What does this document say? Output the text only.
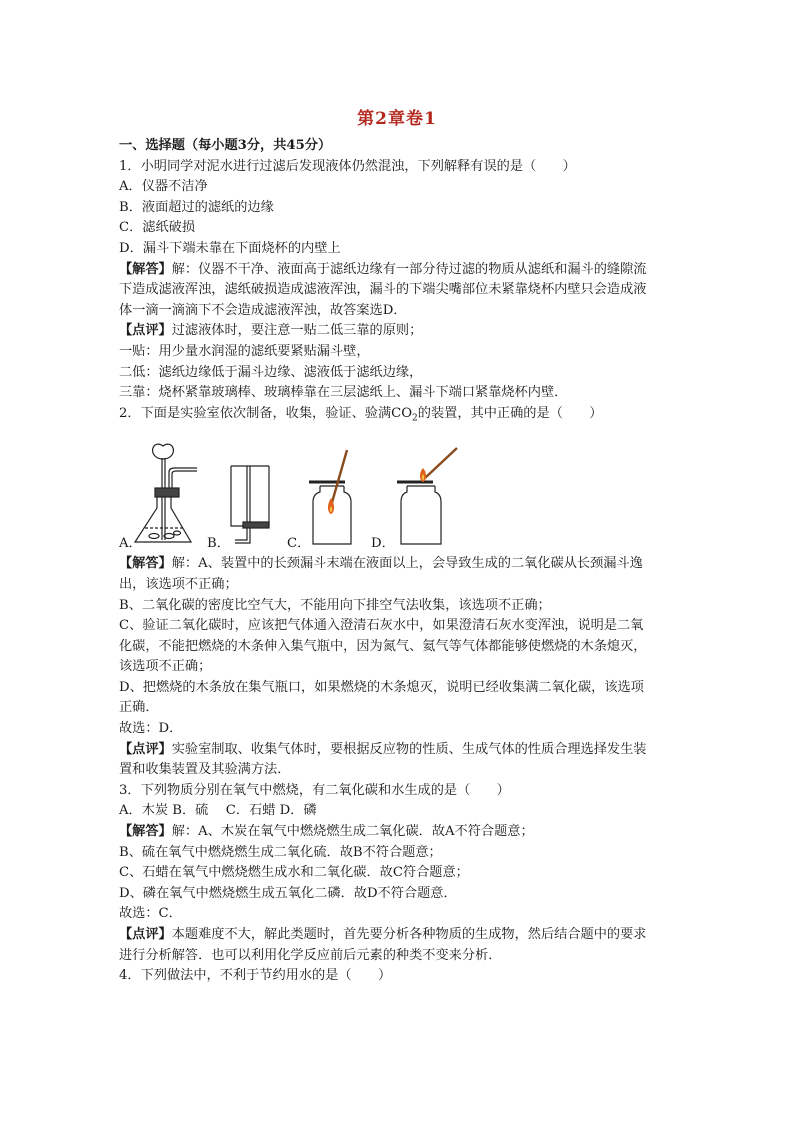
第2章卷1
一、选择题（每小题3分，共45分）
1．小明同学对泥水进行过滤后发现液体仍然混浊，下列解释有误的是（　　）
A．仪器不洁净
B．液面超过的滤纸的边缘
C．滤纸破损
D．漏斗下端未靠在下面烧杯的内壁上
【解答】解：仪器不干净、液面高于滤纸边缘有一部分待过滤的物质从滤纸和漏斗的缝隙流
下造成滤液浑浊，滤纸破损造成滤液浑浊，漏斗的下端尖嘴部位未紧靠烧杯内壁只会造成液
体一滴一滴滴下不会造成滤液浑浊，故答案选D．
【点评】过滤液体时，要注意一贴二低三靠的原则；
一贴：用少量水润湿的滤纸要紧贴漏斗壁，
二低：滤纸边缘低于漏斗边缘、滤液低于滤纸边缘，
三靠：烧杯紧靠玻璃棒、玻璃棒靠在三层滤纸上、漏斗下端口紧靠烧杯内壁．
2．下面是实验室依次制备，收集，验证、验满$CO_2$的装置，其中正确的是（　　）
A．	B．	C．	D．
【解答】解：A、装置中的长颈漏斗末端在液面以上，会导致生成的二氧化碳从长颈漏斗逸
出，该选项不正确；
B、二氧化碳的密度比空气大，不能用向下排空气法收集，该选项不正确；
C、验证二氧化碳时，应该把气体通入澄清石灰水中，如果澄清石灰水变浑浊，说明是二氧
化碳，不能把燃烧的木条伸入集气瓶中，因为氮气、氦气等气体都能够使燃烧的木条熄灭，
该选项不正确；
D、把燃烧的木条放在集气瓶口，如果燃烧的木条熄灭，说明已经收集满二氧化碳，该选项
正确．
故选：D．
【点评】实验室制取、收集气体时，要根据反应物的性质、生成气体的性质合理选择发生装
置和收集装置及其验满方法．
3．下列物质分别在氧气中燃烧，有二氧化碳和水生成的是（　　）
A．木炭 B．硫 　C．石蜡 D．磷
【解答】解：A、木炭在氧气中燃烧燃生成二氧化碳．故A不符合题意；
B、硫在氧气中燃烧燃生成二氧化硫．故B不符合题意；
C、石蜡在氧气中燃烧燃生成水和二氧化碳．故C符合题意；
D、磷在氧气中燃烧燃生成五氧化二磷．故D不符合题意．
故选：C．
【点评】本题难度不大，解此类题时，首先要分析各种物质的生成物，然后结合题中的要求
进行分析解答．也可以利用化学反应前后元素的种类不变来分析．
4．下列做法中，不利于节约用水的是（　　）
